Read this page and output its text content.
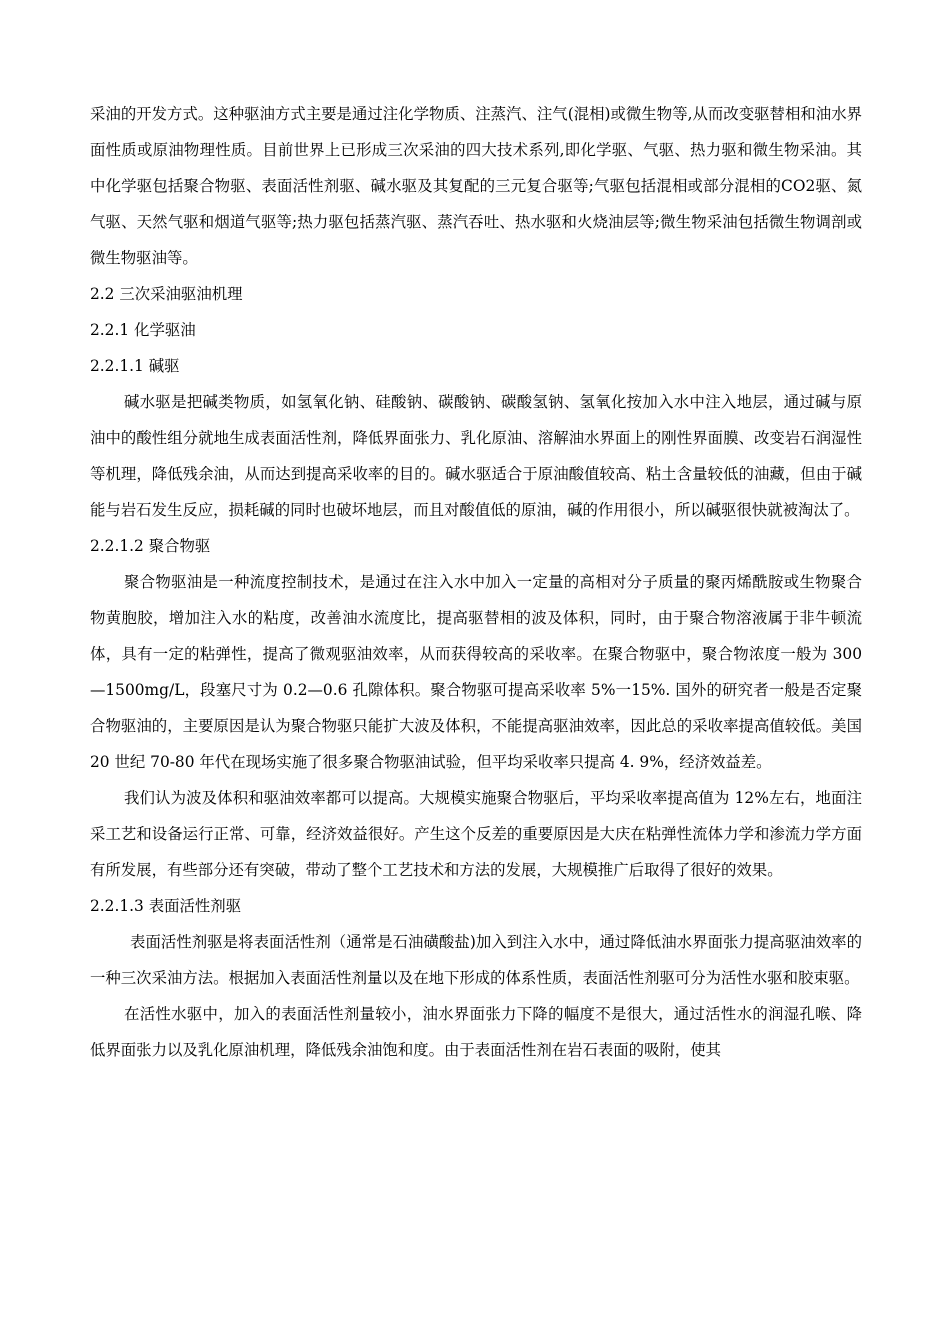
采油的开发方式。这种驱油方式主要是通过注化学物质、注蒸汽、注气(混相)或微生物等,从而改变驱替相和油水界面性质或原油物理性质。目前世界上已形成三次采油的四大技术系列,即化学驱、气驱、热力驱和微生物采油。其中化学驱包括聚合物驱、表面活性剂驱、碱水驱及其复配的三元复合驱等;气驱包括混相或部分混相的CO2驱、氮气驱、天然气驱和烟道气驱等;热力驱包括蒸汽驱、蒸汽吞吐、热水驱和火烧油层等;微生物采油包括微生物调剖或微生物驱油等。

2.2 三次采油驱油机理
2.2.1 化学驱油
2.2.1.1 碱驱

碱水驱是把碱类物质，如氢氧化钠、硅酸钠、碳酸钠、碳酸氢钠、氢氧化按加入水中注入地层，通过碱与原油中的酸性组分就地生成表面活性剂，降低界面张力、乳化原油、溶解油水界面上的刚性界面膜、改变岩石润湿性等机理，降低残余油，从而达到提高采收率的目的。碱水驱适合于原油酸值较高、粘土含量较低的油藏，但由于碱能与岩石发生反应，损耗碱的同时也破坏地层，而且对酸值低的原油，碱的作用很小，所以碱驱很快就被淘汰了。

2.2.1.2 聚合物驱

聚合物驱油是一种流度控制技术，是通过在注入水中加入一定量的高相对分子质量的聚丙烯酰胺或生物聚合物黄胞胶，增加注入水的粘度，改善油水流度比，提高驱替相的波及体积，同时，由于聚合物溶液属于非牛顿流体，具有一定的粘弹性，提高了微观驱油效率，从而获得较高的采收率。在聚合物驱中，聚合物浓度一般为 300—1500mg/L，段塞尺寸为 0.2—0.6 孔隙体积。聚合物驱可提高采收率 5%一15%. 国外的研究者一般是否定聚合物驱油的，主要原因是认为聚合物驱只能扩大波及体积，不能提高驱油效率，因此总的采收率提高值较低。美国 20 世纪 70-80 年代在现场实施了很多聚合物驱油试验，但平均采收率只提高 4. 9%，经济效益差。

我们认为波及体积和驱油效率都可以提高。大规模实施聚合物驱后，平均采收率提高值为 12%左右，地面注采工艺和设备运行正常、可靠，经济效益很好。产生这个反差的重要原因是大庆在粘弹性流体力学和渗流力学方面有所发展，有些部分还有突破，带动了整个工艺技术和方法的发展，大规模推广后取得了很好的效果。

2.2.1.3 表面活性剂驱

表面活性剂驱是将表面活性剂（通常是石油磺酸盐)加入到注入水中，通过降低油水界面张力提高驱油效率的一种三次采油方法。根据加入表面活性剂量以及在地下形成的体系性质，表面活性剂驱可分为活性水驱和胶束驱。

在活性水驱中，加入的表面活性剂量较小，油水界面张力下降的幅度不是很大，通过活性水的润湿孔喉、降低界面张力以及乳化原油机理，降低残余油饱和度。由于表面活性剂在岩石表面的吸附，使其
